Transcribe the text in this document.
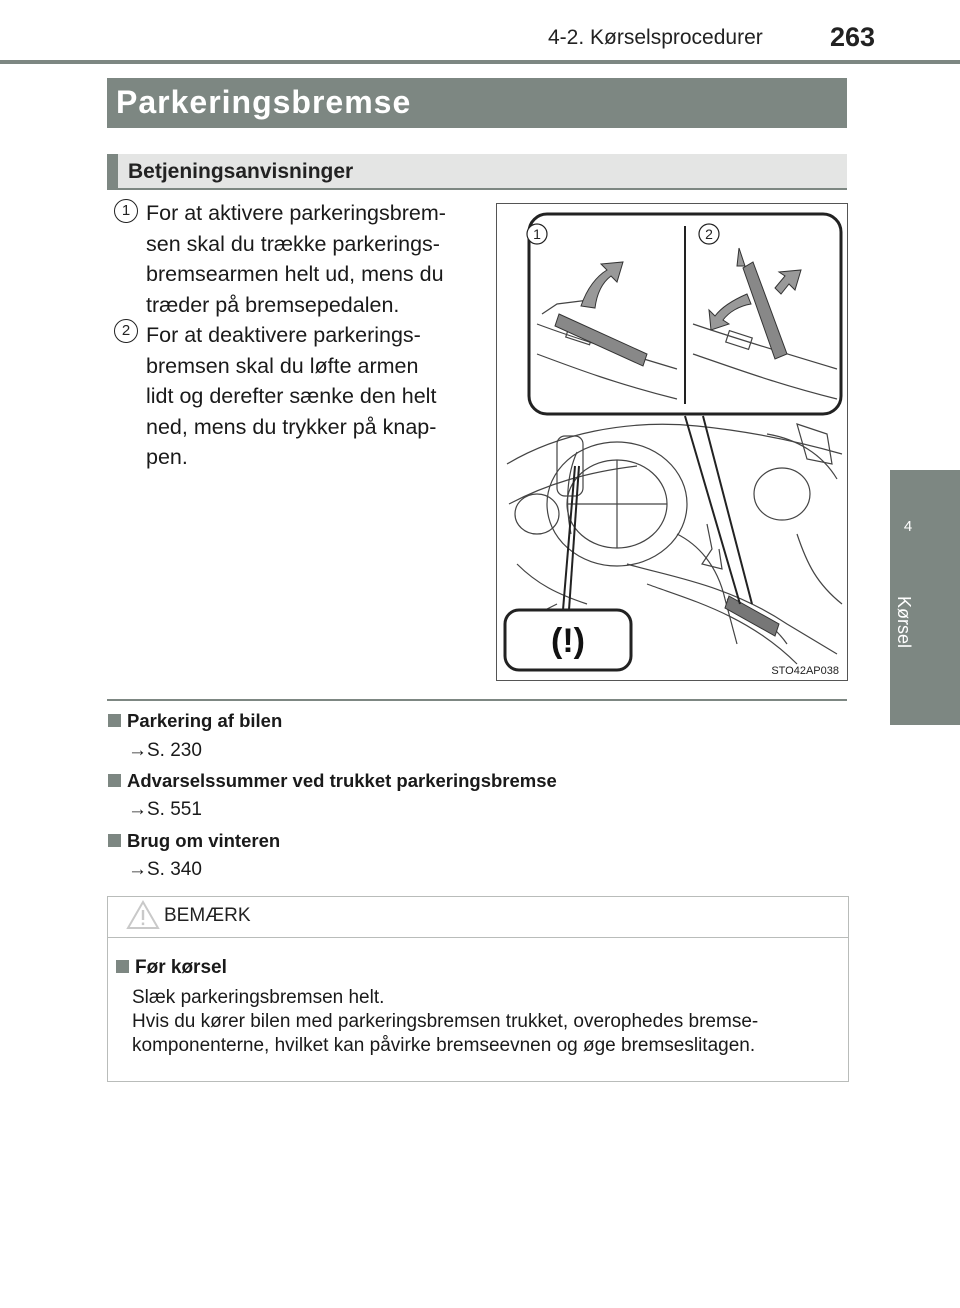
4-2. Kørselsprocedurer 263
4
Kørsel
Parkeringsbremse
Betjeningsanvisninger
1 For at aktivere parkeringsbrem-
sen skal du trække parkerings-
bremsearmen helt ud, mens du
træder på bremsepedalen.
2 For at deaktivere parkerings-
bremsen skal du løfte armen
lidt og derefter sænke den helt
ned, mens du trykker på knap-
pen.
1	2
(!)
STO42AP038
Parkering af bilen
→S. 230
Advarselssummer ved trukket parkeringsbremse
→S. 551
Brug om vinteren
→S. 340
BEMÆRK
Før kørsel
Slæk parkeringsbremsen helt.
Hvis du kører bilen med parkeringsbremsen trukket, overophedes bremse-
komponenterne, hvilket kan påvirke bremseevnen og øge bremseslitagen.
